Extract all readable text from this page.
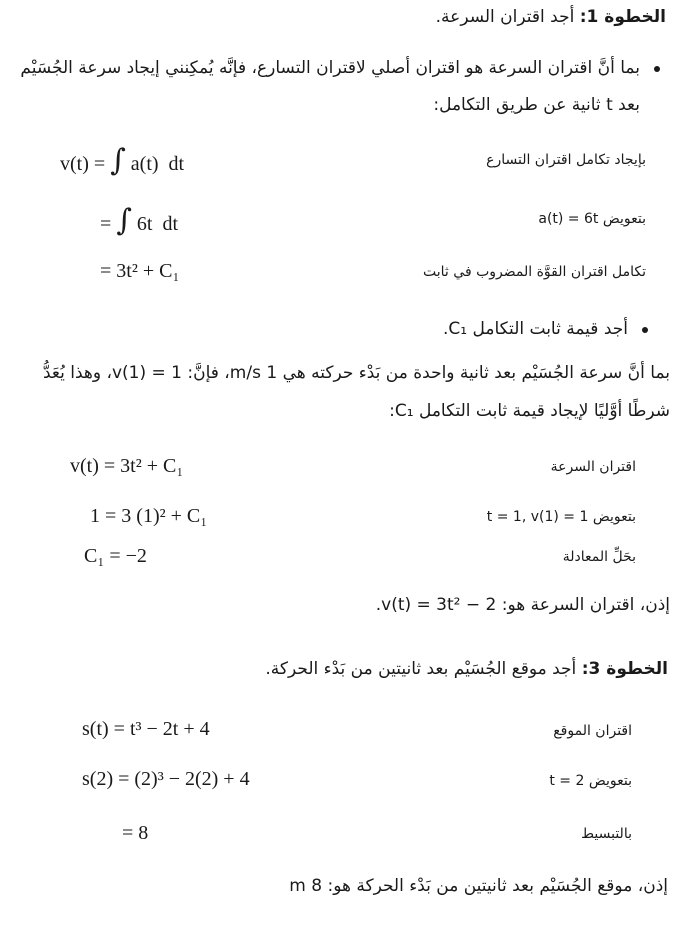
الخطوة 1: أجد اقتران السرعة.
بما أنَّ اقتران السرعة هو اقتران أصلي لاقتران التسارع، فإنَّه يُمكِنني إيجاد سرعة الجُسَيْم
بعد t ثانية عن طريق التكامل:
بإيجاد تكامل اقتران التسارع
v(t) = ∫ a(t)  dt
بتعويض a(t) = 6t
= ∫ 6t  dt
تكامل اقتران القوَّة المضروب في ثابت
= 3t² + C₁
أجد قيمة ثابت التكامل C₁.
بما أنَّ سرعة الجُسَيْم بعد ثانية واحدة من بَدْء حركته هي 1 m/s، فإنَّ: v(1) = 1، وهذا يُعَدُّ
شرطًا أوَّليًا لإيجاد قيمة ثابت التكامل C₁:
اقتران السرعة
v(t) = 3t² + C₁
بتعويض t = 1, v(1) = 1
1 = 3 (1)² + C₁
بحَلِّ المعادلة
C₁ = −2
إذن، اقتران السرعة هو: v(t) = 3t² − 2.
الخطوة 3: أجد موقع الجُسَيْم بعد ثانيتين من بَدْء الحركة.
اقتران الموقع
s(t) = t³ − 2t + 4
بتعويض t = 2
s(2) = (2)³ − 2(2) + 4
بالتبسيط
= 8
إذن، موقع الجُسَيْم بعد ثانيتين من بَدْء الحركة هو: 8 m
